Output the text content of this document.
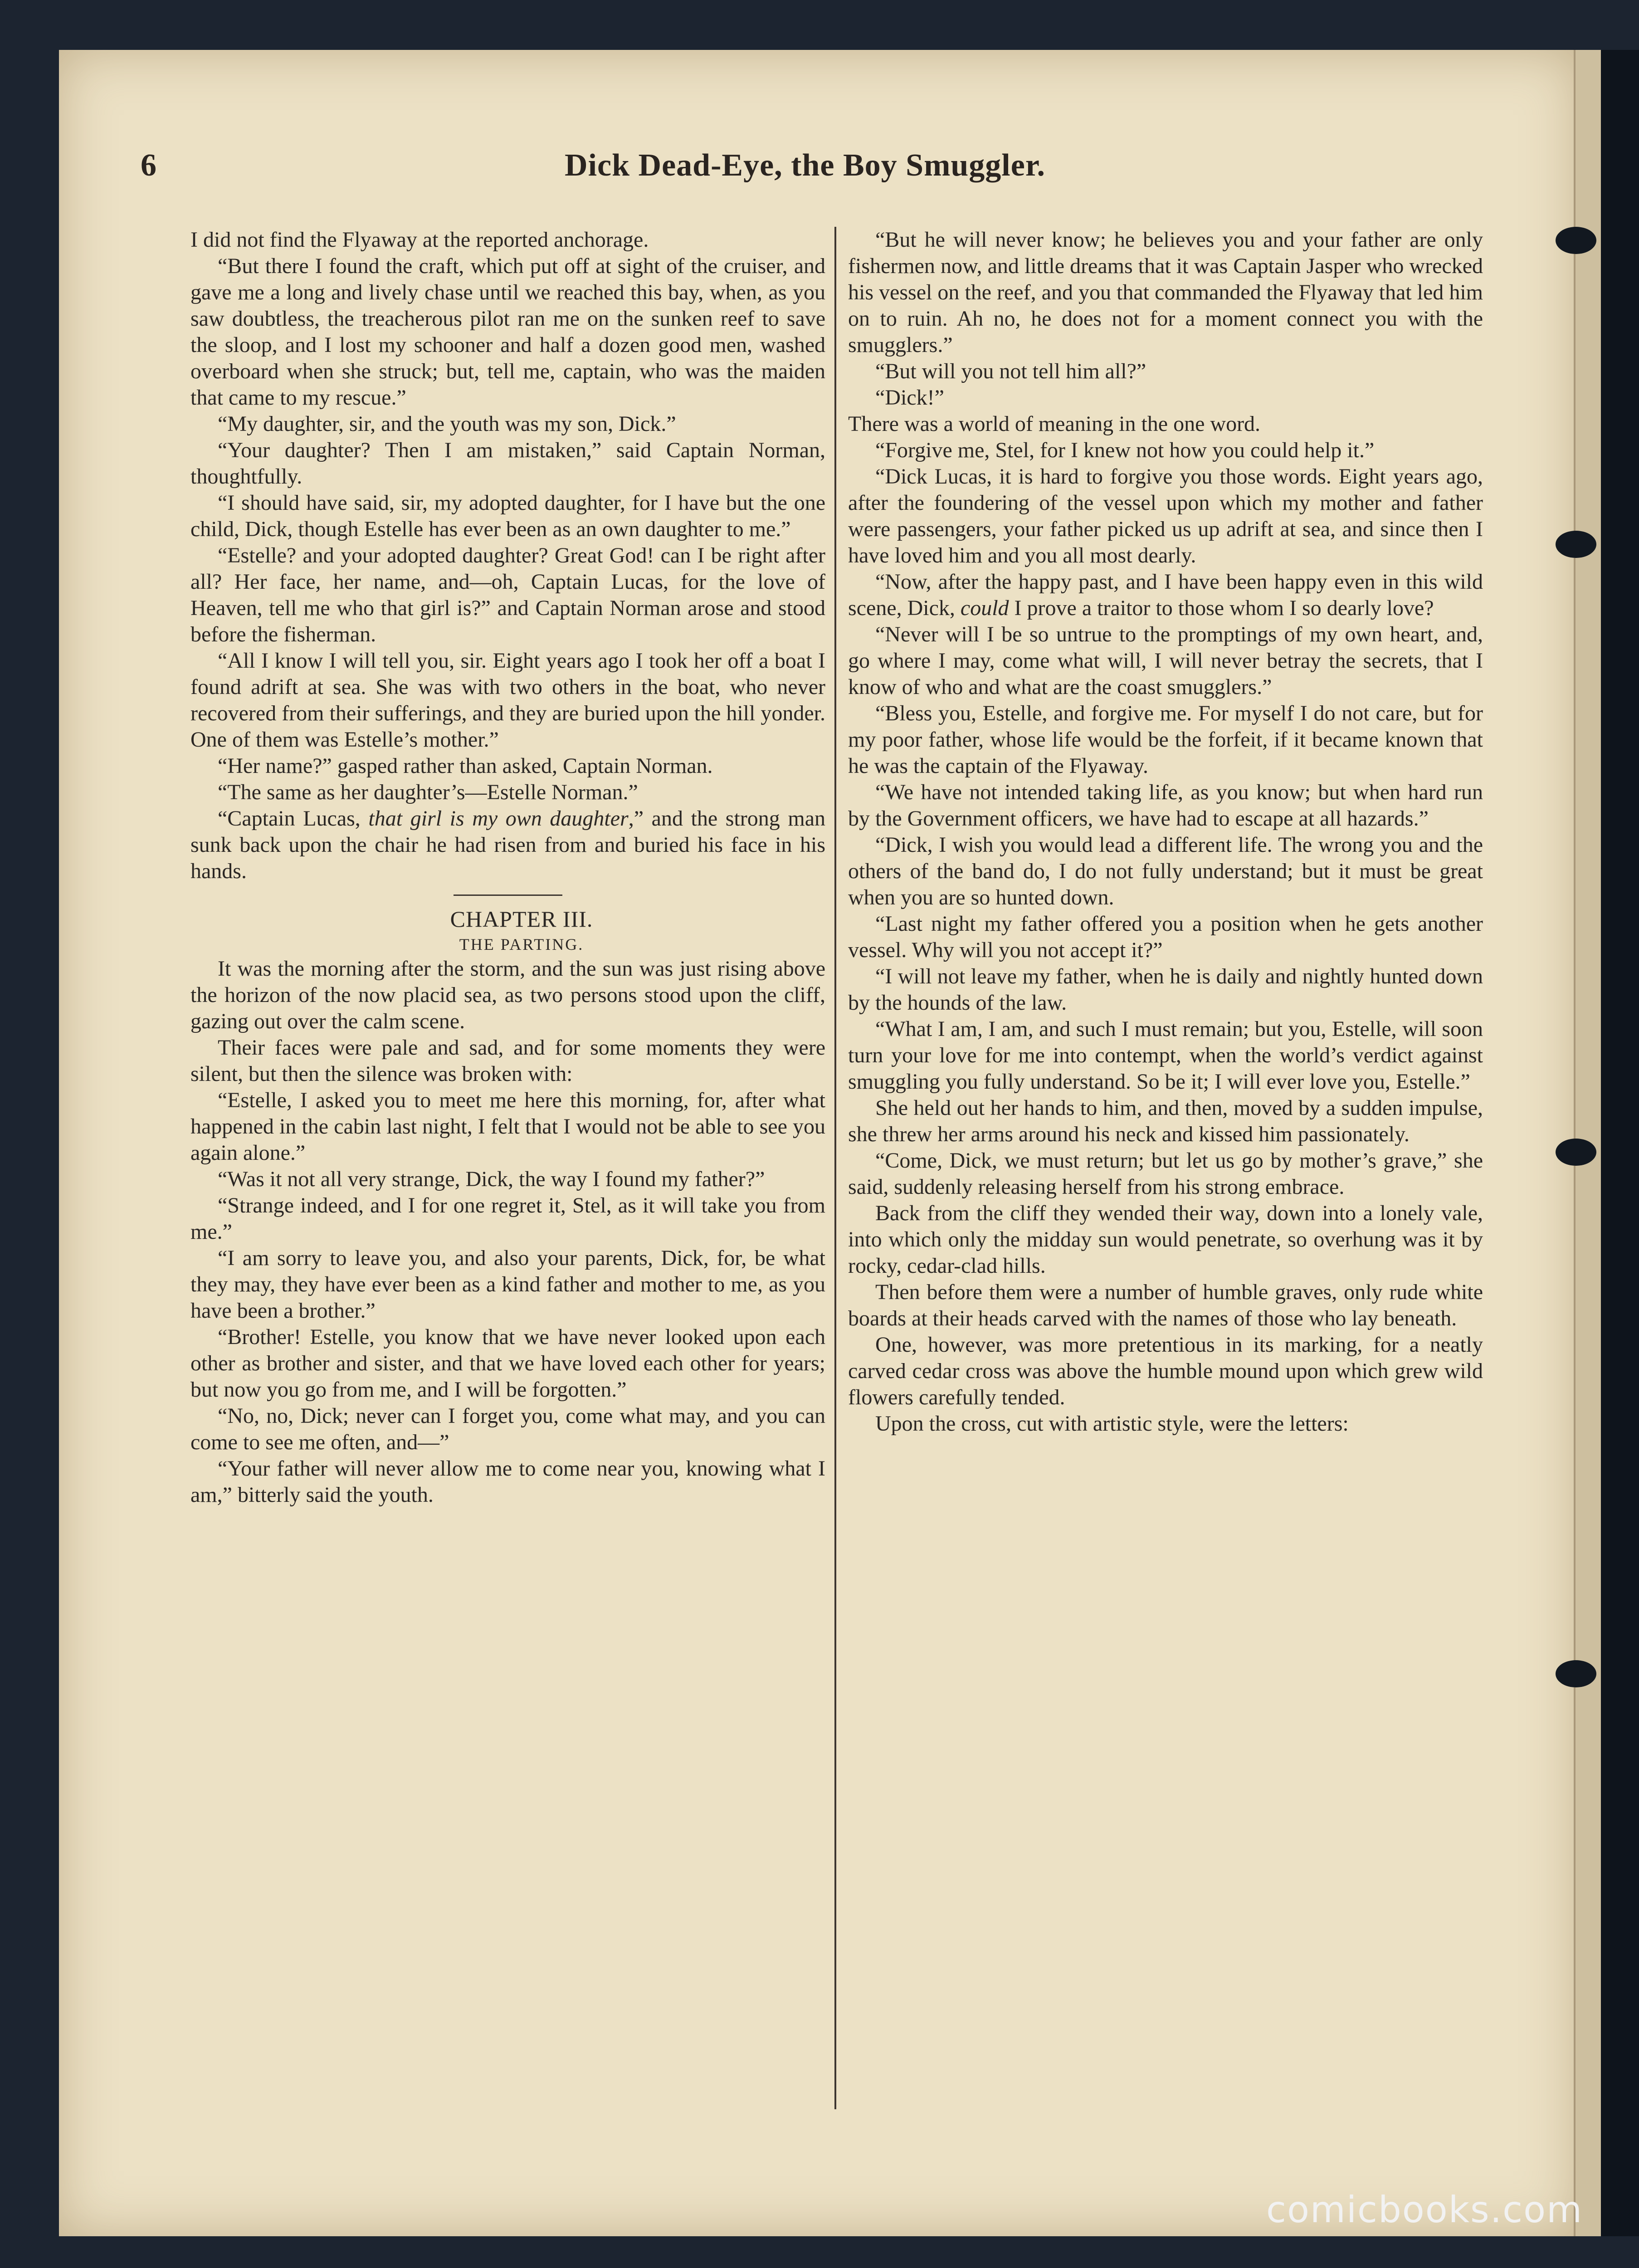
6	Dick Dead-Eye, the Boy Smuggler.

I did not find the Flyaway at the reported anchorage.

“But there I found the craft, which put off at sight of the cruiser, and gave me a long and lively chase until we reached this bay, when, as you saw doubtless, the treacherous pilot ran me on the sunken reef to save the sloop, and I lost my schooner and half a dozen good men, washed overboard when she struck; but, tell me, captain, who was the maiden that came to my rescue.”

“My daughter, sir, and the youth was my son, Dick.”

“Your daughter? Then I am mistaken,” said Captain Norman, thoughtfully.

“I should have said, sir, my adopted daughter, for I have but the one child, Dick, though Estelle has ever been as an own daughter to me.”

“Estelle? and your adopted daughter? Great God! can I be right after all? Her face, her name, and—oh, Captain Lucas, for the love of Heaven, tell me who that girl is?” and Captain Norman arose and stood before the fisherman.

“All I know I will tell you, sir. Eight years ago I took her off a boat I found adrift at sea. She was with two others in the boat, who never recovered from their sufferings, and they are buried upon the hill yonder. One of them was Estelle’s mother.”

“Her name?” gasped rather than asked, Captain Norman.

“The same as her daughter’s—Estelle Norman.”

“Captain Lucas, that girl is my own daughter,” and the strong man sunk back upon the chair he had risen from and buried his face in his hands.

CHAPTER III.

THE PARTING.

It was the morning after the storm, and the sun was just rising above the horizon of the now placid sea, as two persons stood upon the cliff, gazing out over the calm scene.

Their faces were pale and sad, and for some moments they were silent, but then the silence was broken with:

“Estelle, I asked you to meet me here this morning, for, after what happened in the cabin last night, I felt that I would not be able to see you again alone.”

“Was it not all very strange, Dick, the way I found my father?”

“Strange indeed, and I for one regret it, Stel, as it will take you from me.”

“I am sorry to leave you, and also your parents, Dick, for, be what they may, they have ever been as a kind father and mother to me, as you have been a brother.”

“Brother! Estelle, you know that we have never looked upon each other as brother and sister, and that we have loved each other for years; but now you go from me, and I will be forgotten.”

“No, no, Dick; never can I forget you, come what may, and you can come to see me often, and—”

“Your father will never allow me to come near you, knowing what I am,” bitterly said the youth.

“But he will never know; he believes you and your father are only fishermen now, and little dreams that it was Captain Jasper who wrecked his vessel on the reef, and you that commanded the Flyaway that led him on to ruin. Ah no, he does not for a moment connect you with the smugglers.”

“But will you not tell him all?”

“Dick!”

There was a world of meaning in the one word.

“Forgive me, Stel, for I knew not how you could help it.”

“Dick Lucas, it is hard to forgive you those words. Eight years ago, after the foundering of the vessel upon which my mother and father were passengers, your father picked us up adrift at sea, and since then I have loved him and you all most dearly.

“Now, after the happy past, and I have been happy even in this wild scene, Dick, could I prove a traitor to those whom I so dearly love?

“Never will I be so untrue to the promptings of my own heart, and, go where I may, come what will, I will never betray the secrets, that I know of who and what are the coast smugglers.”

“Bless you, Estelle, and forgive me. For myself I do not care, but for my poor father, whose life would be the forfeit, if it became known that he was the captain of the Flyaway.

“We have not intended taking life, as you know; but when hard run by the Government officers, we have had to escape at all hazards.”

“Dick, I wish you would lead a different life. The wrong you and the others of the band do, I do not fully understand; but it must be great when you are so hunted down.

“Last night my father offered you a position when he gets another vessel. Why will you not accept it?”

“I will not leave my father, when he is daily and nightly hunted down by the hounds of the law.

“What I am, I am, and such I must remain; but you, Estelle, will soon turn your love for me into contempt, when the world’s verdict against smuggling you fully understand. So be it; I will ever love you, Estelle.”

She held out her hands to him, and then, moved by a sudden impulse, she threw her arms around his neck and kissed him passionately.

“Come, Dick, we must return; but let us go by mother’s grave,” she said, suddenly releasing herself from his strong embrace.

Back from the cliff they wended their way, down into a lonely vale, into which only the midday sun would penetrate, so overhung was it by rocky, cedar-clad hills.

Then before them were a number of humble graves, only rude white boards at their heads carved with the names of those who lay beneath.

One, however, was more pretentious in its marking, for a neatly carved cedar cross was above the humble mound upon which grew wild flowers carefully tended.

Upon the cross, cut with artistic style, were the letters:

comicbooks.com
